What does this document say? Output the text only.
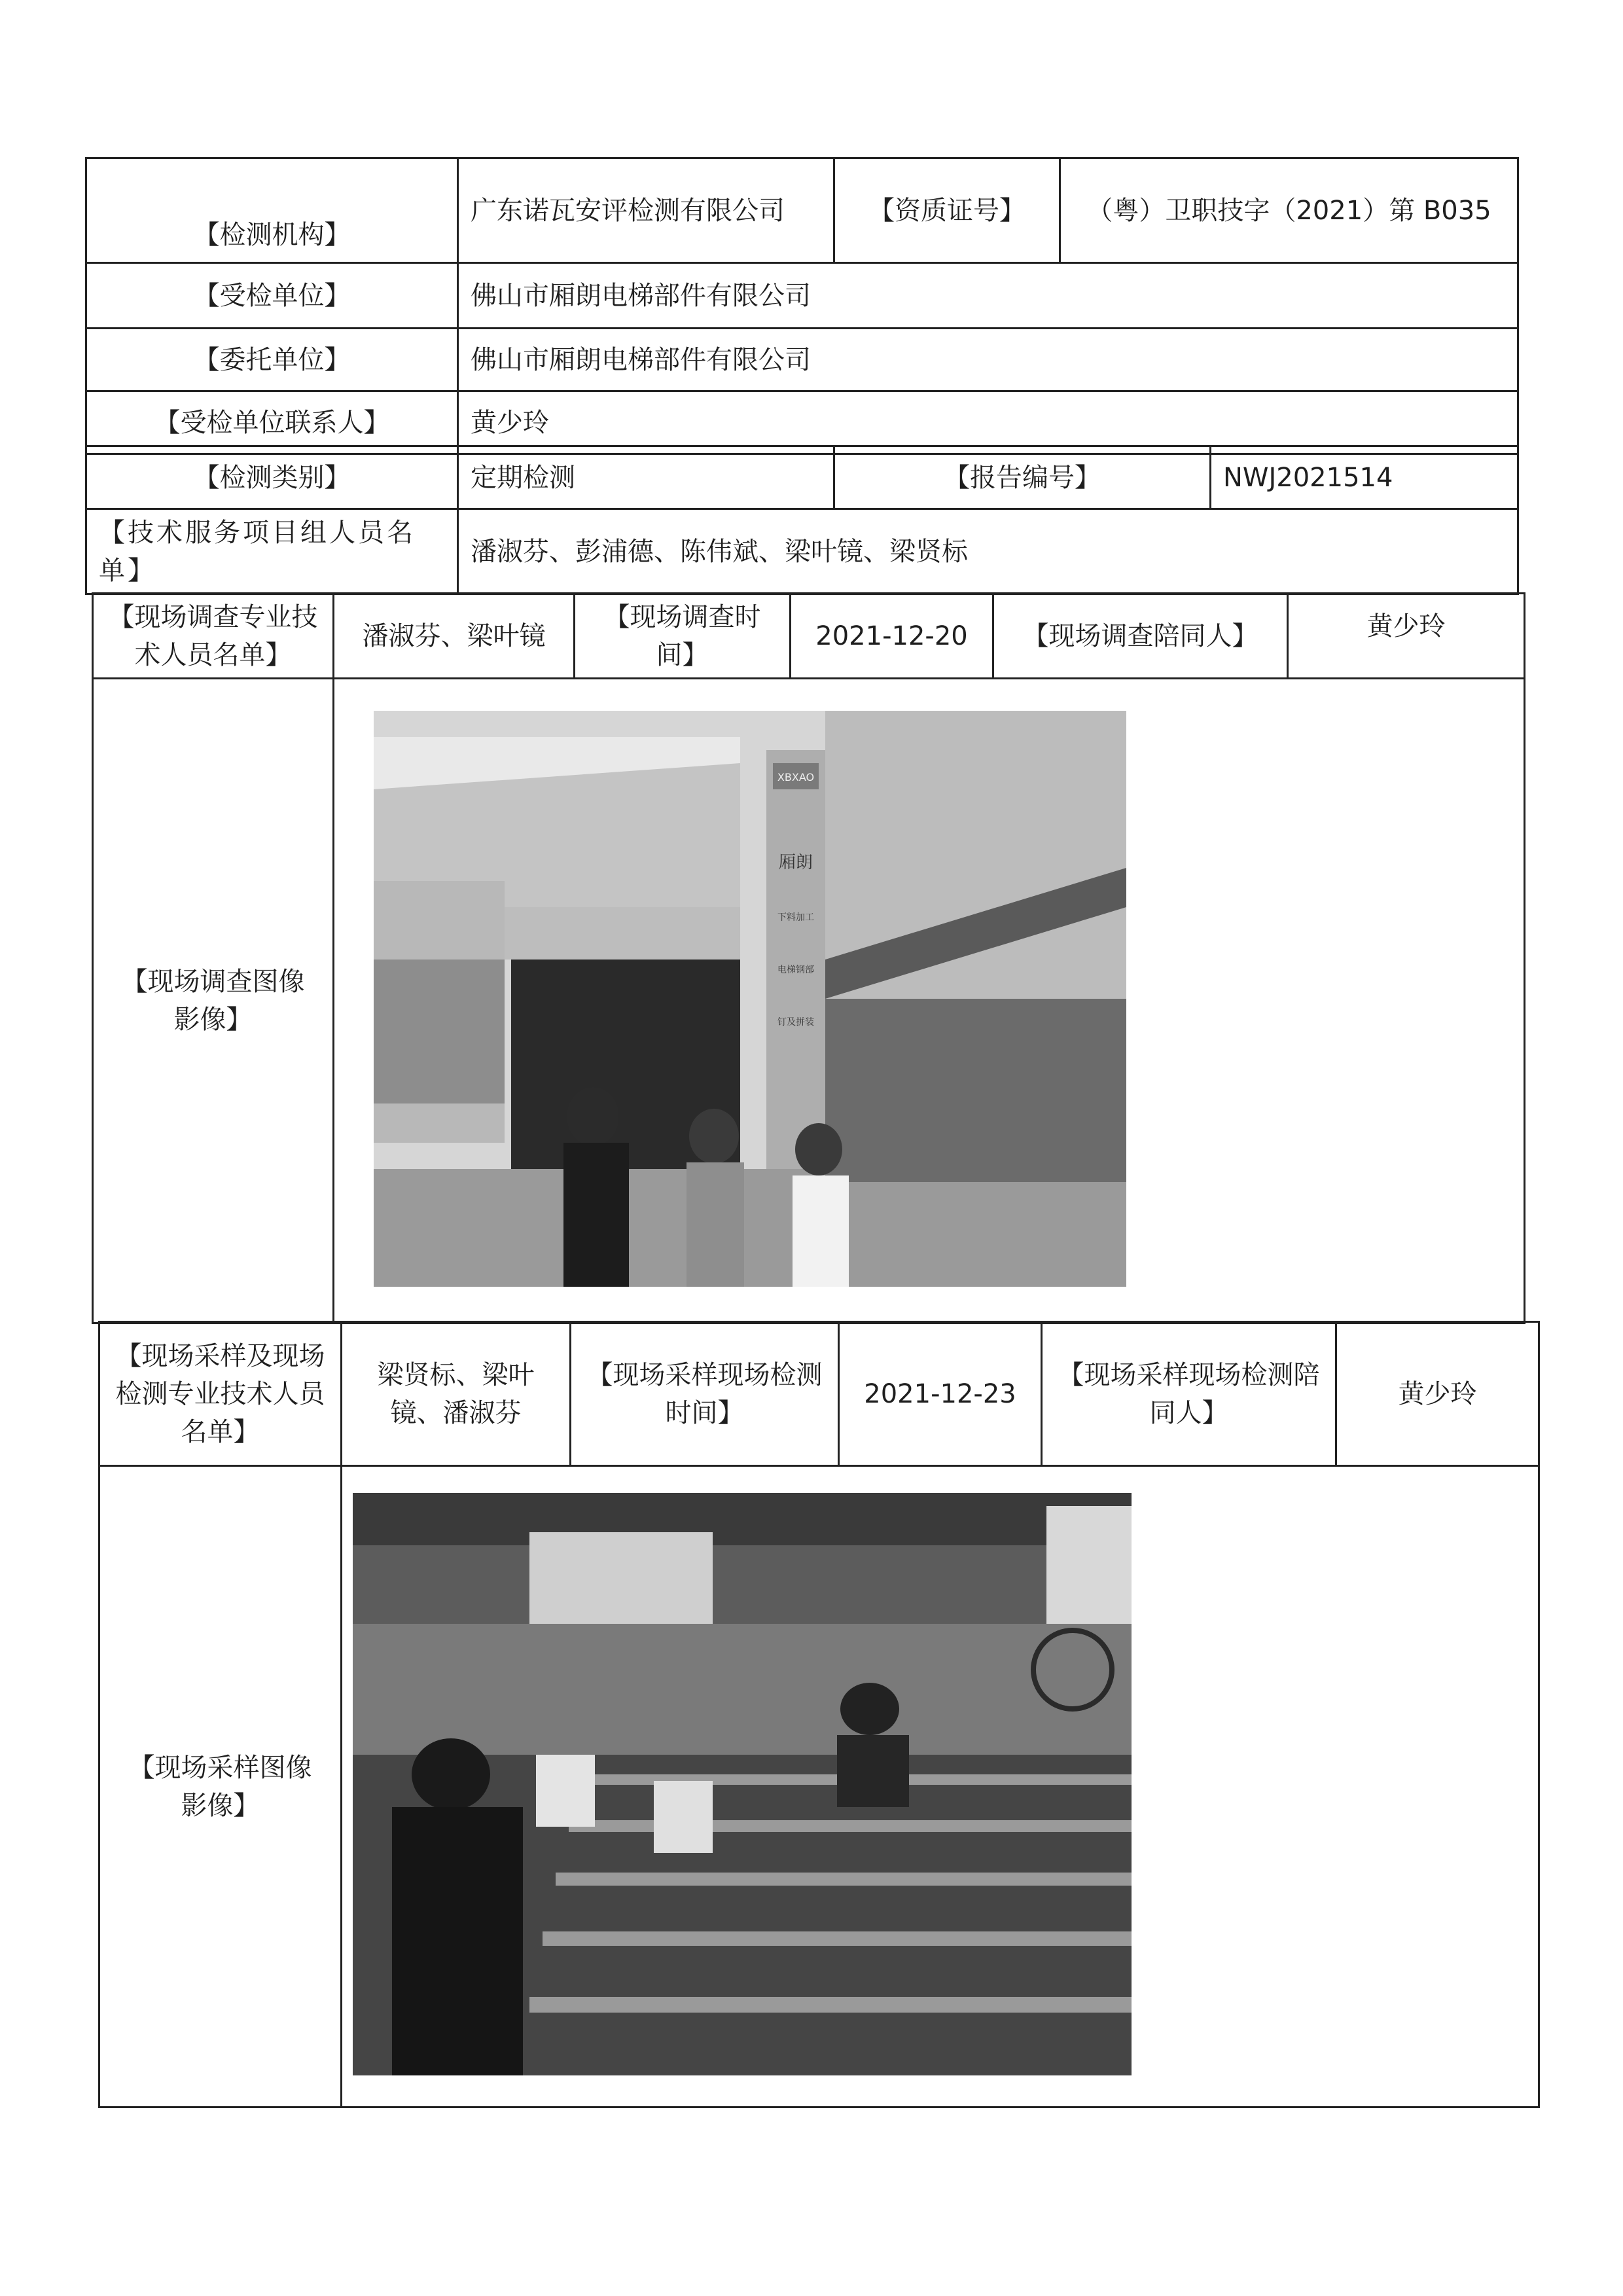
【检测机构】	广东诺瓦安评检测有限公司	【资质证号】	（粤）卫职技字（2021）第 B035
【受检单位】	佛山市厢朗电梯部件有限公司		
【委托单位】	佛山市厢朗电梯部件有限公司		
【受检单位联系人】	黄少玲		
【检测类别】	定期检测	【报告编号】	NWJ2021514
【技术服务项目组人员名单】	潘淑芬、彭浦德、陈伟斌、梁叶镜、梁贤标		
【现场调查专业技术人员名单】	潘淑芬、梁叶镜	【现场调查时间】	2021-12-20	【现场调查陪同人】	黄少玲
【现场调查图像影像】	XBXAO
厢朗
下料加工
电梯钢部
钉及拼装				
【现场采样及现场检测专业技术人员名单】	梁贤标、梁叶镜、潘淑芬	【现场采样现场检测时间】	2021-12-23	【现场采样现场检测陪同人】	黄少玲
【现场采样图像影像】	
